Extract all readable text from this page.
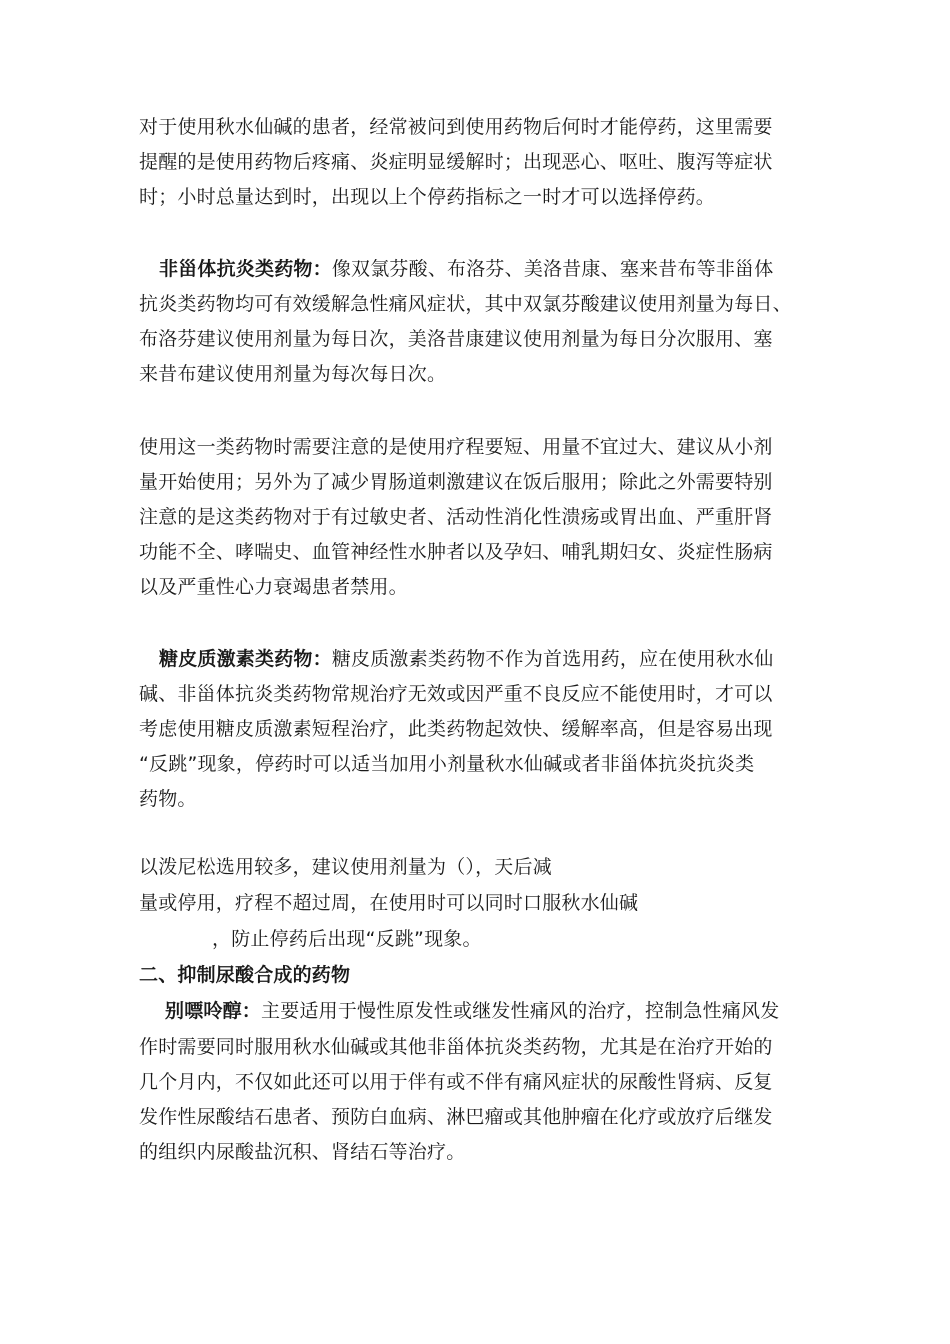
对于使用秋水仙碱的患者，经常被问到使用药物后何时才能停药，这里需要
提醒的是使用药物后疼痛、炎症明显缓解时；出现恶心、呕吐、腹泻等症状
时；小时总量达到时，出现以上个停药指标之一时才可以选择停药。
非甾体抗炎类药物：像双氯芬酸、布洛芬、美洛昔康、塞来昔布等非甾体
抗炎类药物均可有效缓解急性痛风症状，其中双氯芬酸建议使用剂量为每日、
布洛芬建议使用剂量为每日次，美洛昔康建议使用剂量为每日分次服用、塞
来昔布建议使用剂量为每次每日次。
使用这一类药物时需要注意的是使用疗程要短、用量不宜过大、建议从小剂
量开始使用；另外为了减少胃肠道刺激建议在饭后服用；除此之外需要特别
注意的是这类药物对于有过敏史者、活动性消化性溃疡或胃出血、严重肝肾
功能不全、哮喘史、血管神经性水肿者以及孕妇、哺乳期妇女、炎症性肠病
以及严重性心力衰竭患者禁用。
糖皮质激素类药物：糖皮质激素类药物不作为首选用药，应在使用秋水仙
碱、非甾体抗炎类药物常规治疗无效或因严重不良反应不能使用时，才可以
考虑使用糖皮质激素短程治疗，此类药物起效快、缓解率高，但是容易出现
“反跳”现象，停药时可以适当加用小剂量秋水仙碱或者非甾体抗炎抗炎类
药物。
以泼尼松选用较多，建议使用剂量为（），天后减
量或停用，疗程不超过周，在使用时可以同时口服秋水仙碱
，防止停药后出现“反跳”现象。
二、抑制尿酸合成的药物
别嘌呤醇：主要适用于慢性原发性或继发性痛风的治疗，控制急性痛风发
作时需要同时服用秋水仙碱或其他非甾体抗炎类药物，尤其是在治疗开始的
几个月内，不仅如此还可以用于伴有或不伴有痛风症状的尿酸性肾病、反复
发作性尿酸结石患者、预防白血病、淋巴瘤或其他肿瘤在化疗或放疗后继发
的组织内尿酸盐沉积、肾结石等治疗。
